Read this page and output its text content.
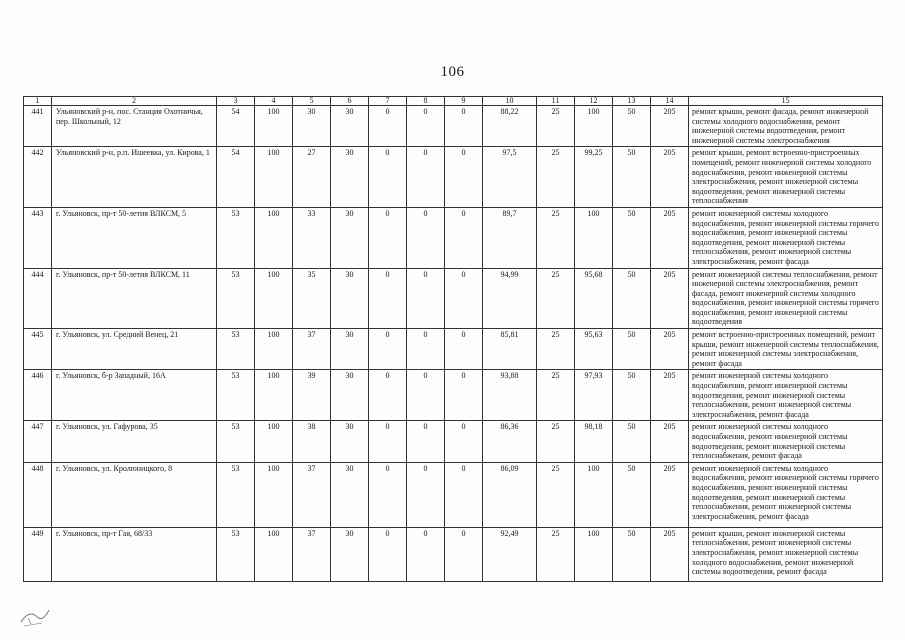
106
1	2	3	4	5	6	7	8	9	10	11	12	13	14	15
441	Ульяновский р-н, пос. Станция Охотничья, пер. Школьный, 12	54	100	30	30	0	0	0	88,22	25	100	50	205	ремонт крыши, ремонт фасада, ремонт инженерной системы холодного водоснабжения, ремонт инженерной системы водоотведения, ремонт инженерной системы электроснабжения
442	Ульяновский р-н, р.п. Ишеевка, ул. Кирова, 1	54	100	27	30	0	0	0	97,5	25	99,25	50	205	ремонт крыши, ремонт встроенно-пристроенных помещений, ремонт инженерной системы холодного водоснабжения, ремонт инженерной системы электроснабжения, ремонт инженерной системы водоотведения, ремонт инженерной системы теплоснабжения
443	г. Ульяновск, пр-т 50-летия ВЛКСМ, 5	53	100	33	30	0	0	0	89,7	25	100	50	205	ремонт инженерной системы холодного водоснабжения, ремонт инженерной системы горячего водоснабжения, ремонт инженерной системы водоотведения, ремонт инженерной системы теплоснабжения, ремонт инженерной системы электроснабжения, ремонт фасада
444	г. Ульяновск, пр-т 50-летия ВЛКСМ, 11	53	100	35	30	0	0	0	94,99	25	95,68	50	205	ремонт инженерной системы теплоснабжения, ремонт инженерной системы электроснабжения, ремонт фасада, ремонт инженерной системы холодного водоснабжения, ремонт инженерной системы горячего водоснабжения, ремонт инженерной системы водоотведения
445	г. Ульяновск, ул. Средний Венец, 21	53	100	37	30	0	0	0	85,81	25	95,63	50	205	ремонт встроенно-пристроенных помещений, ремонт крыши, ремонт инженерной системы теплоснабжения, ремонт инженерной системы электроснабжения, ремонт фасада
446	г. Ульяновск, б-р Западный, 16А	53	100	39	30	0	0	0	93,88	25	97,93	50	205	ремонт инженерной системы холодного водоснабжения, ремонт инженерной системы водоотведения, ремонт инженерной системы теплоснабжения, ремонт инженерной системы электроснабжения, ремонт фасада
447	г. Ульяновск, ул. Гафурова, 35	53	100	38	30	0	0	0	86,36	25	98,18	50	205	ремонт инженерной системы холодного водоснабжения, ремонт инженерной системы водоотведения, ремонт инженерной системы теплоснабжения, ремонт фасада
448	г. Ульяновск, ул. Кролюницкого, 8	53	100	37	30	0	0	0	86,09	25	100	50	205	ремонт инженерной системы холодного водоснабжения, ремонт инженерной системы горячего водоснабжения, ремонт инженерной системы водоотведения, ремонт инженерной системы теплоснабжения, ремонт инженерной системы электроснабжения, ремонт фасада
449	г. Ульяновск, пр-т Гая, 68/33	53	100	37	30	0	0	0	92,49	25	100	50	205	ремонт крыши, ремонт инженерной системы теплоснабжения, ремонт инженерной системы электроснабжения, ремонт инженерной системы холодного водоснабжения, ремонт инженерной системы водоотведения, ремонт фасада
